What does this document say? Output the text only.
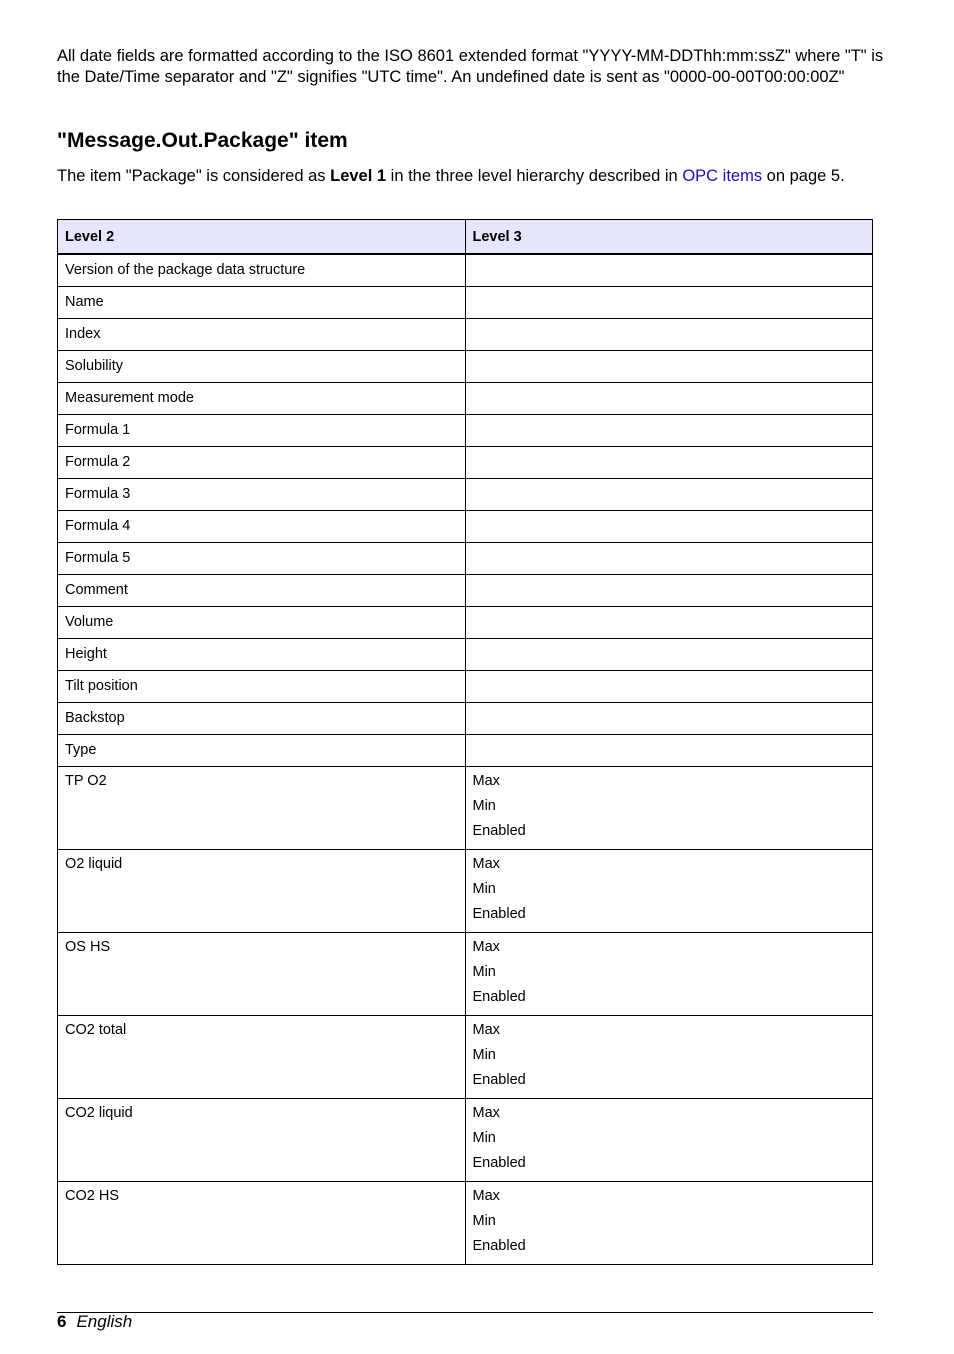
All date fields are formatted according to the ISO 8601 extended format "YYYY-MM-DDThh:mm:ssZ" where "T" is the Date/Time separator and "Z" signifies "UTC time". An undefined date is sent as "0000-00-00T00:00:00Z"

"Message.Out.Package" item

The item "Package" is considered as Level 1 in the three level hierarchy described in OPC items on page 5.

Level 2	Level 3
Version of the package data structure	
Name	
Index	
Solubility	
Measurement mode	
Formula 1	
Formula 2	
Formula 3	
Formula 4	
Formula 5	
Comment	
Volume	
Height	
Tilt position	
Backstop	
Type	
TP O2	Max
Min
Enabled

O2 liquid	Max
Min
Enabled

OS HS	Max
Min
Enabled

CO2 total	Max
Min
Enabled

CO2 liquid	Max
Min
Enabled

CO2 HS	Max
Min
Enabled
6 English
